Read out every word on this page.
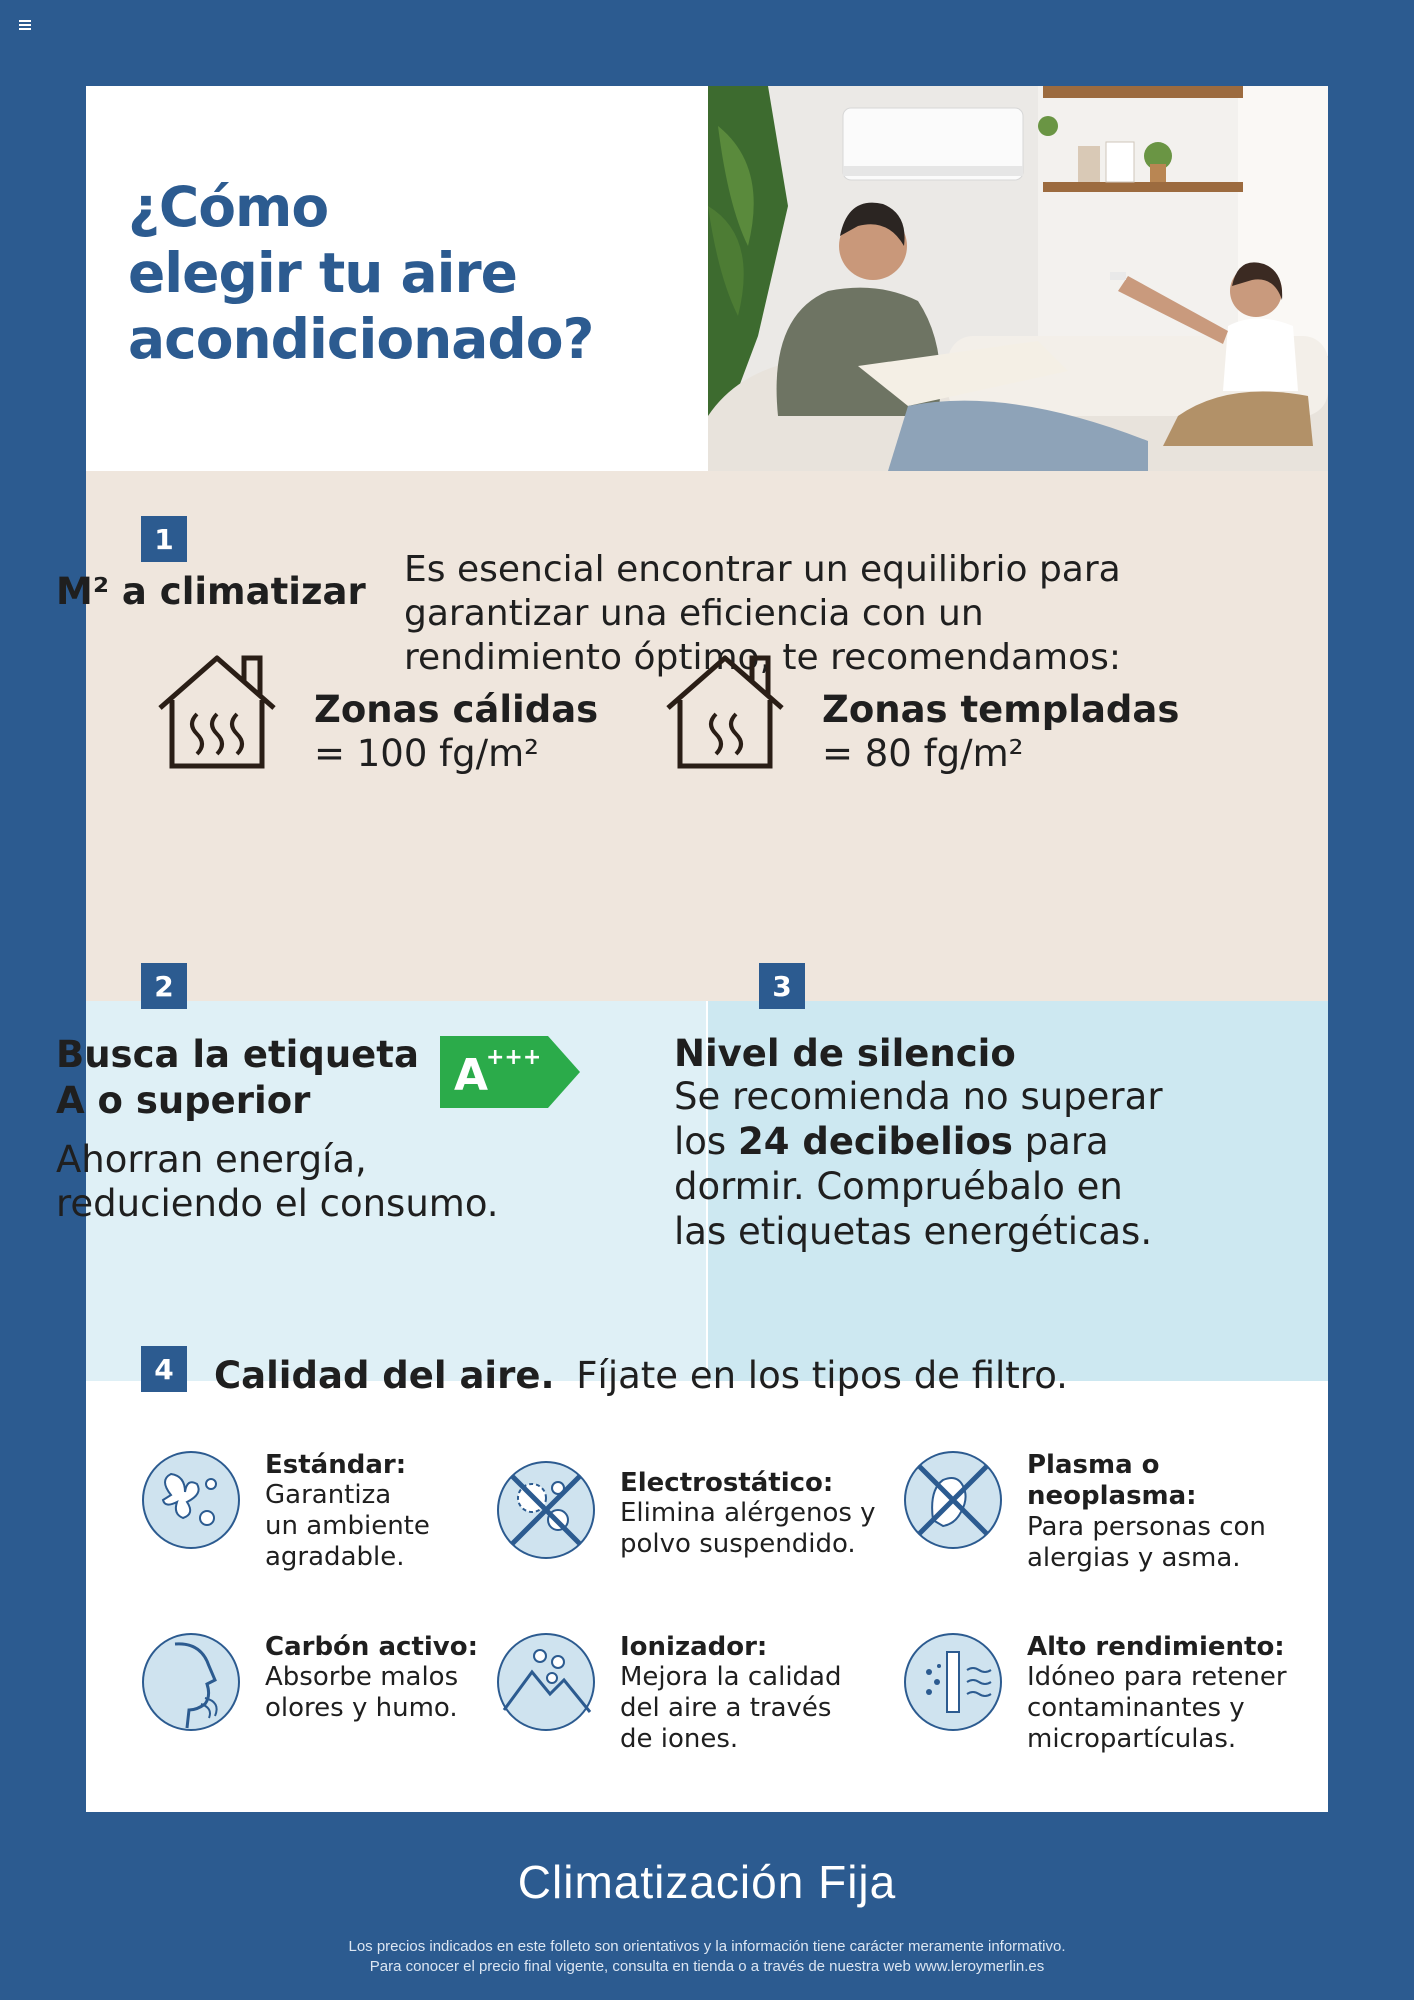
¿Cómo
elegir tu aire
acondicionado?
1
M² a climatizar

Es esencial encontrar un equilibrio para garantizar una eficiencia con un rendimiento óptimo, te recomendamos:

Zonas cálidas
= 100 fg/m²
Zonas templadas
= 80 fg/m²
2
Busca la etiqueta
A o superior

Ahorran energía,
reduciendo el consumo.

A
+++
3
Nivel de silencio

Se recomienda no superar
los 24 decibelios para
dormir. Compruébalo en
las etiquetas energéticas.

4	Calidad del aire. Fíjate en los tipos de filtro.
Estándar:
Garantiza
un ambiente
agradable.
Electrostático:
Elimina alérgenos y
polvo suspendido.
Plasma o
neoplasma:
Para personas con
alergias y asma.
Carbón activo:
Absorbe malos
olores y humo.
Ionizador:
Mejora la calidad
del aire a través
de iones.
Alto rendimiento:
Idóneo para retener
contaminantes y
micropartículas.
Climatización Fija
Los precios indicados en este folleto son orientativos y la información tiene carácter meramente informativo.
Para conocer el precio final vigente, consulta en tienda o a través de nuestra web www.leroymerlin.es
